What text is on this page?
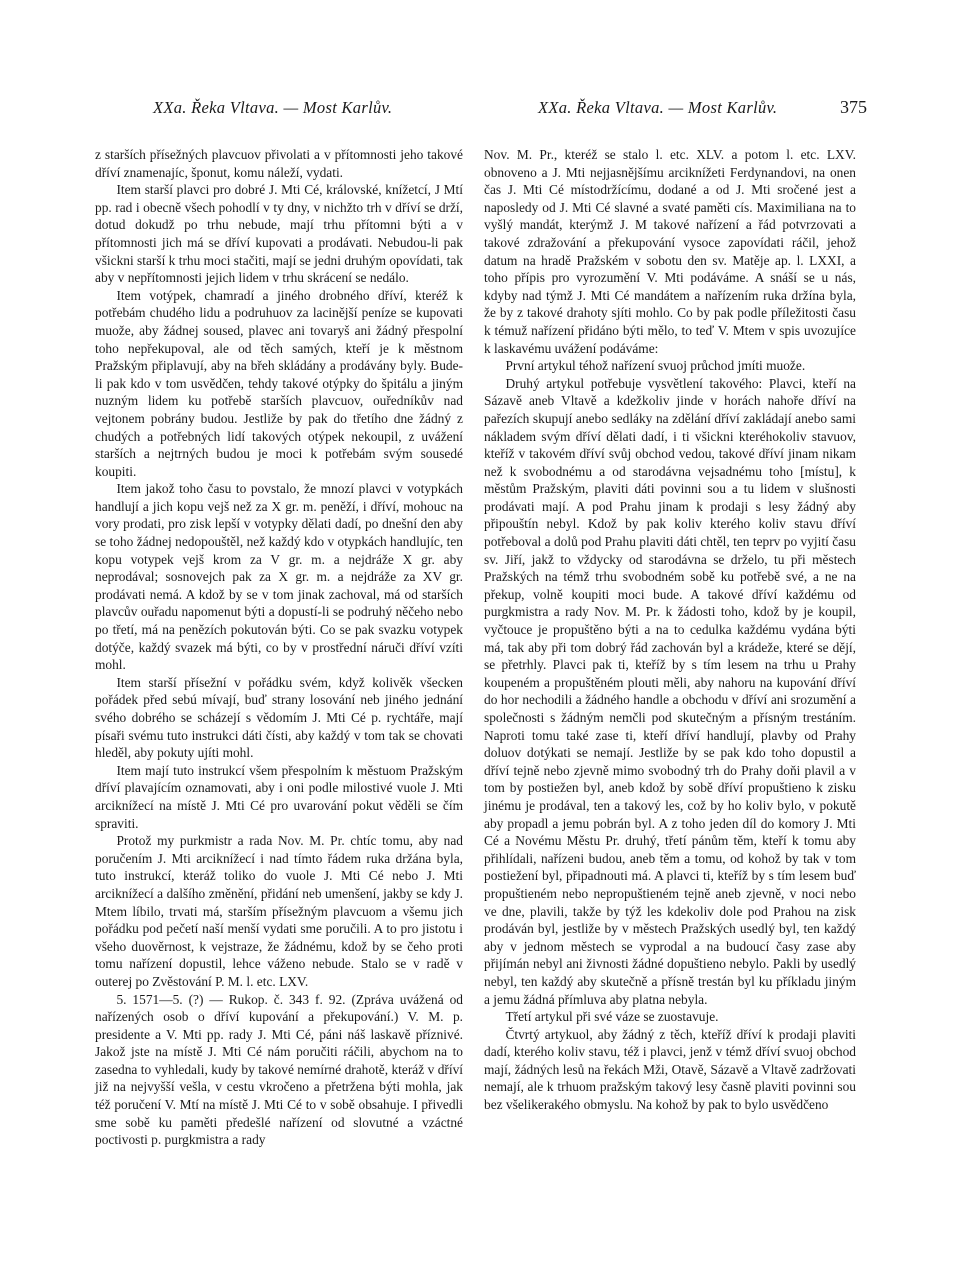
XXa. Řeka Vltava. — Most Karlův.	XXa. Řeka Vltava. — Most Karlův.	375

z starších přísežných plavcuov přivolati a v přítomnosti jeho takové dříví znamenajíc, šponut, komu náleží, vydati.

Item starší plavci pro dobré J. Mti Cé, královské, knížetcí, J Mtí pp. rad i obecně všech pohodlí v ty dny, v nichžto trh v dříví se drží, dotud dokudž po trhu nebude, mají trhu přítomni býti a v přítomnosti jich má se dříví kupovati a prodávati. Nebudou-li pak všickni starší k trhu moci stačiti, mají se jedni druhým opovídati, tak aby v nepřítomnosti jejich lidem v trhu skrácení se nedálo.

Item votýpek, chamradí a jiného drobného dříví, kteréž k potřebám chudého lidu a podruhuov za lacinější peníze se kupovati muože, aby žádnej soused, plavec ani tovaryš ani žádný přespolní toho nepřekupoval, ale od těch samých, kteří je k městnom Pražským připlavují, aby na břeh skládány a prodávány byly. Bude-li pak kdo v tom usvědčen, tehdy takové otýpky do špitálu a jiným nuzným lidem ku potřebě starších plavcuov, ouředníkův nad vejtonem pobrány budou. Jestliže by pak do třetího dne žádný z chudých a potřebných lidí takových otýpek nekoupil, z uvážení starších a nejtrných budou je moci k potřebám svým sousedé koupiti.

Item jakož toho času to povstalo, že mnozí plavci v votypkách handlují a jich kopu vejš než za X gr. m. peněží, i dříví, mohouc na vory prodati, pro zisk lepší v votypky dělati dadí, po dnešní den aby se toho žádnej nedopouštěl, než každý kdo v otypkách handlujíc, ten kopu votypek vejš krom za V gr. m. a nejdráže X gr. aby neprodával; sosnovejch pak za X gr. m. a nejdráže za XV gr. prodávati nemá. A kdož by se v tom jinak zachoval, má od starších plavcův ouřadu napomenut býti a dopustí-li se podruhý něčeho nebo po třetí, má na penězích pokutován býti. Co se pak svazku votypek dotýče, každý svazek má býti, co by v prostřední náruči dříví vzíti mohl.

Item starší přísežní v pořádku svém, když kolivěk všecken pořádek před sebú mívají, buď strany losování neb jiného jednání svého dobrého se scházejí s vědomím J. Mti Cé p. rychtáře, mají písaři svému tuto instrukci dáti čísti, aby každý v tom tak se chovati hleděl, aby pokuty ujíti mohl.

Item mají tuto instrukcí všem přespolním k městuom Pražským dříví plavajícím oznamovati, aby i oni podle milostivé vuole J. Mti arciknížecí na místě J. Mti Cé pro uvarování pokut věděli se čím spraviti.

Protož my purkmistr a rada Nov. M. Pr. chtíc tomu, aby nad poručením J. Mti arciknížecí i nad tímto řádem ruka držána byla, tuto instrukcí, kteráž toliko do vuole J. Mti Cé nebo J. Mti arciknížecí a dalšího změnění, přidání neb umenšení, jakby se kdy J. Mtem líbilo, trvati má, starším přísežným plavcuom a všemu jich pořádku pod pečetí naší menší vydati sme poručili. A to pro jistotu i všeho duověrnost, k vejstraze, že žádnému, kdož by se čeho proti tomu nařízení dopustil, lehce váženo nebude. Stalo se v radě v outerej po Zvěstování P. M. l. etc. LXV.

5. 1571—5. (?) — Rukop. č. 343 f. 92. (Zpráva uvážená od nařízených osob o dříví kupování a překupování.) V. M. p. presidente a V. Mti pp. rady J. Mti Cé, páni náš laskavě příznivé. Jakož jste na místě J. Mti Cé nám poručiti ráčili, abychom na to zasedna to vyhledali, kudy by takové nemírné drahotě, kteráž v dříví již na nejvyšší vešla, v cestu vkročeno a přetržena býti mohla, jak též poručení V. Mtí na místě J. Mti Cé to v sobě obsahuje. I přivedli sme sobě ku paměti předešlé nařízení od slovutné a vzáctné poctivosti p. purgkmistra a rady

Nov. M. Pr., kteréž se stalo l. etc. XLV. a potom l. etc. LXV. obnoveno a J. Mti nejjasnějšímu arciknížeti Ferdynandovi, na onen čas J. Mti Cé místodržícímu, dodané a od J. Mti sročené jest a naposledy od J. Mti Cé slavné a svaté paměti cís. Maximiliana na to vyšlý mandát, kterýmž J. M takové nařízení a řád potvrzovati a takové zdražování a překupování vysoce zapovídati ráčil, jehož datum na hradě Pražském v sobotu den sv. Matěje ap. l. LXXI, a toho přípis pro vyrozumění V. Mti podáváme. A snáší se u nás, kdyby nad týmž J. Mti Cé mandátem a nařízením ruka držína byla, že by z takové drahoty sjíti mohlo. Co by pak podle příležitosti času k témuž nařízení přidáno býti mělo, to teď V. Mtem v spis uvozujíce k laskavému uvážení podáváme:

První artykul téhož nařízení svuoj průchod jmíti muože.

Druhý artykul potřebuje vysvětlení takového: Plavci, kteří na Sázavě aneb Vltavě a kdežkoliv jinde v horách nahoře dříví na pařezích skupují anebo sedláky na zdělání dříví zakládají anebo sami nákladem svým dříví dělati dadí, i ti všickni kteréhokoliv stavuov, kteříž v takovém dříví svůj obchod vedou, takové dříví jinam nikam než k svobodnému a od starodávna vejsadnému toho [místu], k městům Pražským, plaviti dáti povinni sou a tu lidem v slušnosti prodávati mají. A pod Prahu jinam k prodaji s lesy žádný aby připouštín nebyl. Kdož by pak koliv kterého koliv stavu dříví potřeboval a dolů pod Prahu plaviti dáti chtěl, ten teprv po vyjití času sv. Jiří, jakž to vždycky od starodávna se drželo, tu při městech Pražských na témž trhu svobodném sobě ku potřebě své, a ne na překup, volně koupiti moci bude. A takové dříví každému od purgkmistra a rady Nov. M. Pr. k žádosti toho, kdož by je koupil, vyčtouce je propuštěno býti a na to cedulka každému vydána býti má, tak aby při tom dobrý řád zachován byl a krádeže, které se dějí, se přetrhly. Plavci pak ti, kteříž by s tím lesem na trhu u Prahy koupeném a propuštěném plouti měli, aby nahoru na kupování dříví do hor nechodili a žádného handle a obchodu v dříví ani srozumění a společnosti s žádným nemčli pod skutečným a přísným trestáním. Naproti tomu také zase ti, kteří dříví handlují, plavby od Prahy doluov dotýkati se nemají. Jestliže by se pak kdo toho dopustil a dříví tejně nebo zjevně mimo svobodný trh do Prahy doňi plavil a v tom by postiežen byl, aneb kdož by sobě dříví propuštieno k zisku jinému je prodával, ten a takový les, což by ho koliv bylo, v pokutě aby propadl a jemu pobrán byl. A z toho jeden díl do komory J. Mti Cé a Novému Městu Pr. druhý, třetí pánům těm, kteří k tomu aby přihlídali, nařízeni budou, aneb těm a tomu, od kohož by tak v tom postiežení byl, připadnouti má. A plavci ti, kteříž by s tím lesem buď propuštieném nebo nepropuštieném tejně aneb zjevně, v noci nebo ve dne, plavili, takže by týž les kdekoliv dole pod Prahou na zisk prodáván byl, jestliže by v městech Pražských usedlý byl, ten každý aby v jednom městech se vyprodal a na budoucí časy zase aby přijímán nebyl ani živnosti žádné dopuštieno nebylo. Pakli by usedlý nebyl, ten každý aby skutečně a přísně trestán byl ku příkladu jiným a jemu žádná přímluva aby platna nebyla.

Třetí artykul při své váze se zuostavuje.

Čtvrtý artykuol, aby žádný z těch, kteříž dříví k prodaji plaviti dadí, kterého koliv stavu, též i plavci, jenž v témž dříví svuoj obchod mají, žádných lesů na řekách Mži, Otavě, Sázavě a Vltavě zadržovati nemají, ale k trhuom pražským takový lesy časně plaviti povinni sou bez všelikerakého obmyslu. Na kohož by pak to bylo usvědčeno
